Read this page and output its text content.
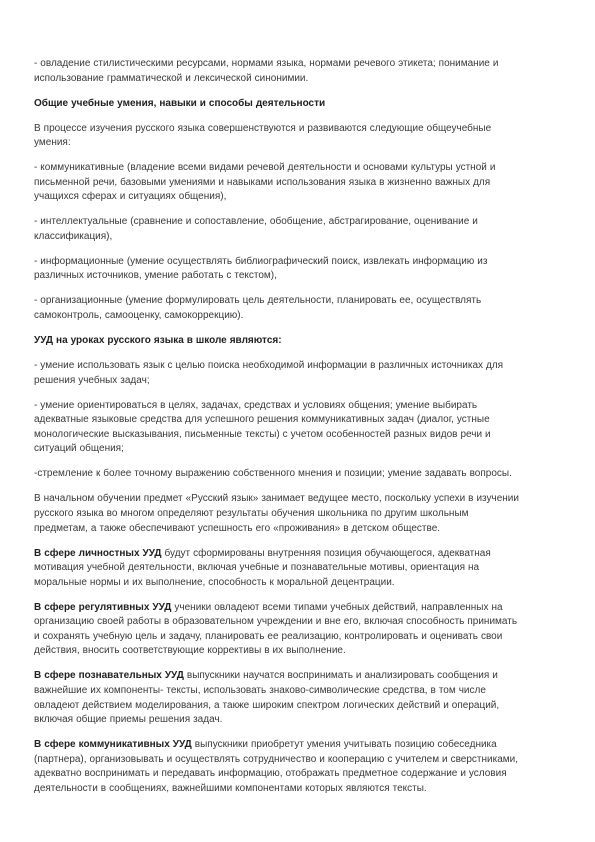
- овладение стилистическими ресурсами, нормами языка, нормами речевого этикета; понимание и
использование грамматической и лексической синонимии.

Общие учебные умения, навыки и способы деятельности

В процессе изучения русского языка совершенствуются и развиваются следующие общеучебные
умения:

- коммуникативные (владение всеми видами речевой деятельности и основами культуры устной и
письменной речи, базовыми умениями и навыками использования языка в жизненно важных для
учащихся сферах и ситуациях общения),

- интеллектуальные (сравнение и сопоставление, обобщение, абстрагирование, оценивание и
классификация),

- информационные (умение осуществлять библиографический поиск, извлекать информацию из
различных источников, умение работать с текстом),

- организационные (умение формулировать цель деятельности, планировать ее, осуществлять
самоконтроль, самооценку, самокоррекцию).

УУД на уроках русского языка в школе являются:

- умение использовать язык с целью поиска необходимой информации в различных источниках для
решения учебных задач;

- умение ориентироваться в целях, задачах, средствах и условиях общения; умение выбирать
адекватные языковые средства для успешного решения коммуникативных задач (диалог, устные
монологические высказывания, письменные тексты) с учетом особенностей разных видов речи и
ситуаций общения;

-стремление к более точному выражению собственного мнения и позиции; умение задавать вопросы.

В начальном обучении предмет «Русский язык» занимает ведущее место, поскольку успехи в изучении
русского языка во многом определяют результаты обучения школьника по другим школьным
предметам, а также обеспечивают успешность его «проживания» в детском обществе.

В сфере личностных УУД будут сформированы внутренняя позиция обучающегося, адекватная
мотивация учебной деятельности, включая учебные и познавательные мотивы, ориентация на
моральные нормы и их выполнение, способность к моральной децентрации.

В сфере регулятивных УУД ученики овладеют всеми типами учебных действий, направленных на
организацию своей работы в образовательном учреждении и вне его, включая способность принимать
и сохранять учебную цель и задачу, планировать ее реализацию, контролировать и оценивать свои
действия, вносить соответствующие коррективы в их выполнение.

В сфере познавательных УУД выпускники научатся воспринимать и анализировать сообщения и
важнейшие их компоненты- тексты, использовать знаково-символические средства, в том числе
овладеют действием моделирования, а также широким спектром логических действий и операций,
включая общие приемы решения задач.

В сфере коммуникативных УУД выпускники приобретут умения учитывать позицию собеседника
(партнера), организовывать и осуществлять сотрудничество и кооперацию с учителем и сверстниками,
адекватно воспринимать и передавать информацию, отображать предметное содержание и условия
деятельности в сообщениях, важнейшими компонентами которых являются тексты.
